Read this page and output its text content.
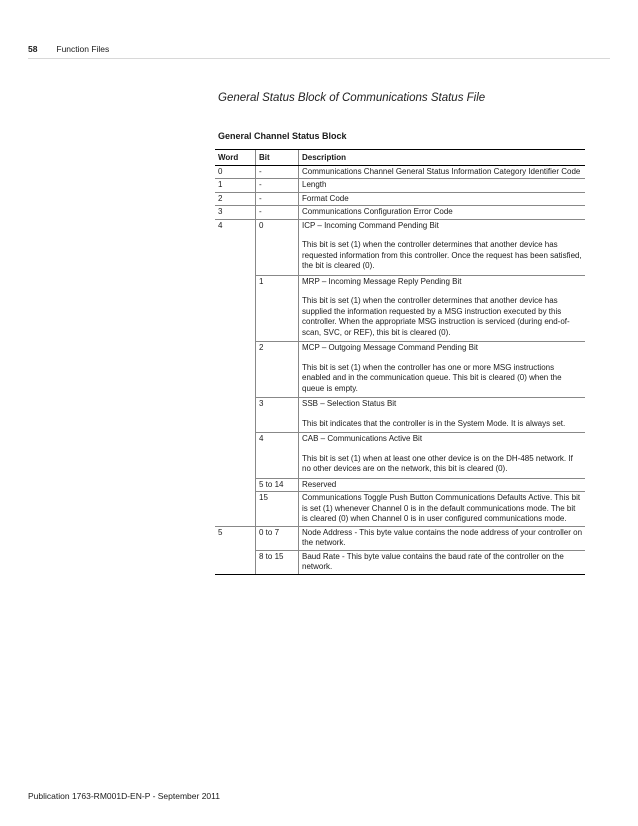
58 Function Files
General Status Block of Communications Status File
General Channel Status Block
Word	Bit	Description
0	-	Communications Channel General Status Information Category Identifier Code

1	-	Length

2	-	Format Code

3	-	Communications Configuration Error Code

4	0	ICP – Incoming Command Pending Bit
This bit is set (1) when the controller determines that another device has requested information from this controller. Once the request has been satisfied, the bit is cleared (0).

	1	MRP – Incoming Message Reply Pending Bit
This bit is set (1) when the controller determines that another device has supplied the information requested by a MSG instruction executed by this controller. When the appropriate MSG instruction is serviced (during end-of-scan, SVC, or REF), this bit is cleared (0).

	2	MCP – Outgoing Message Command Pending Bit
This bit is set (1) when the controller has one or more MSG instructions enabled and in the communication queue. This bit is cleared (0) when the queue is empty.

	3	SSB – Selection Status Bit
This bit indicates that the controller is in the System Mode. It is always set.

	4	CAB – Communications Active Bit
This bit is set (1) when at least one other device is on the DH-485 network. If no other devices are on the network, this bit is cleared (0).

	5 to 14	Reserved

	15	Communications Toggle Push Button Communications Defaults Active. This bit is set (1) whenever Channel 0 is in the default communications mode. The bit is cleared (0) when Channel 0 is in user configured communications mode.

5	0 to 7	Node Address - This byte value contains the node address of your controller on the network.

	8 to 15	Baud Rate - This byte value contains the baud rate of the controller on the network.
Publication 1763-RM001D-EN-P - September 2011
